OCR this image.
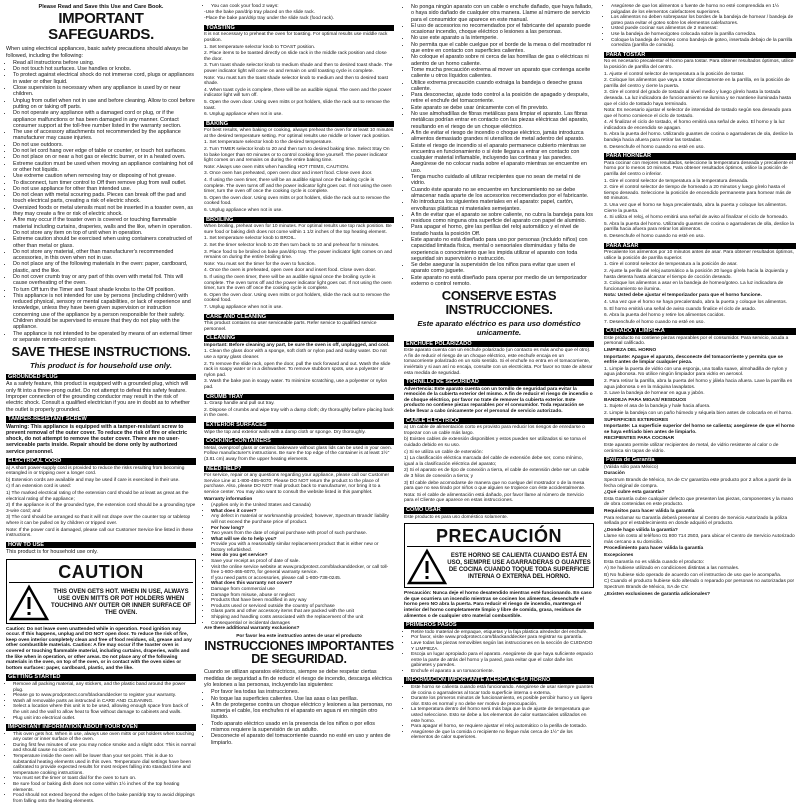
Please Read and Save this Use and Care Book.
IMPORTANT SAFEGUARDS.

When using electrical appliances, basic safety precautions should always be followed, including the following:

• Read all instructions before using.
• Do not touch hot surfaces. Use handles or knobs.
• To protect against electrical shock do not immerse cord, plugs or appliances in water or other liquid.
• Close supervision is necessary when any appliance is used by or near children.
• Unplug from outlet when not in use and before cleaning. Allow to cool before putting on or taking off parts.
• Do not operate any appliance with a damaged cord or plug, or if the appliance malfunctions or has been damaged in any manner. Contact consumer support at the toll-free number listed in the warranty section.
• The use of accessory attachments not recommended by the appliance manufacturer may cause injuries.
• Do not use outdoors.
• Do not let cord hang over edge of table or counter, or touch hot surfaces.
• Do not place on or near a hot gas or electric burner, or in a heated oven.
• Extreme caution must be used when moving an appliance containing hot oil or other hot liquids.
• Use extreme caution when removing tray or disposing of hot grease.
• To disconnect, turn timer control to Off then remove plug from wall outlet.
• Do not use appliance for other than intended use.
• Do not clean with metal scouring pads. Pieces can break off the pad and touch electrical parts, creating a risk of electric shock.
• Oversized foods or metal utensils must not be inserted in a toaster oven, as they may create a fire or risk of electric shock.
• A fire may occur if the toaster oven is covered or touching flammable material including curtains, draperies, walls and the like, when in operation. Do not store any item on top of unit when in operation.
• Extreme caution should be exercised when using containers constructed of other than metal or glass.
• Do not store any material, other than manufacturer's recommended accessories, in this oven when not in use.
• Do not place any of the following materials in the oven: paper, cardboard, plastic, and the like.
• Do not cover crumb tray or any part of this oven with metal foil. This will cause overheating of the oven.
• To turn Off turn the Timer and Toast shade knobs to the Off position.
• This appliance is not intended for use by persons (including children) with reduced physical, sensory or mental capabilities, or lack of experience and knowledge, unless they have been given supervision or instruction concerning use of the appliance by a person responsible for their safety. Children should be supervised to ensure that they do not play with the appliance.
• The appliance is not intended to be operated by means of an external timer or separate remote-control system.
SAVE THESE INSTRUCTIONS.
This product is for household use only.
GROUNDED PLUG

As a safety feature, this product is equipped with a grounded plug, which will only fit into a three-prong outlet. Do not attempt to defeat this safety feature. Improper connection of the grounding conductor may result in the risk of electric shock. Consult a qualified electrician if you are in doubt as to whether the outlet is properly grounded.

TAMPER-RESISTANT SCREW

Warning: This appliance is equipped with a tamper-resistant screw to prevent removal of the outer cover. To reduce the risk of fire or electric shock, do not attempt to remove the outer cover. There are no user-serviceable parts inside. Repair should be done only by authorized service personnel.

ELECTRICAL CORD

a) A short power-supply cord is provided to reduce the risks resulting from becoming entangled in or tripping over a longer cord.

b) Extension cords are available and may be used if care is exercised in their use.

c) If an extension cord is used:

1) The marked electrical rating of the extension cord should be at least as great as the electrical rating of the appliance;

2) If the appliance is of the grounded type, the extension cord should be a grounding type 3-wire cord; and

3) The cord should be arranged so that it will not drape over the counter top or tabletop where it can be pulled on by children or tripped over.

Note: If the power cord is damaged, please call our Customer Service line listed in these instructions.

HOW TO USE

This product is for household use only.

CAUTION
THIS OVEN GETS HOT. WHEN IN USE, ALWAYS USE OVEN MITTS OR POT HOLDERS WHEN TOUCHING ANY OUTER OR INNER SURFACE OF THE OVEN.

Caution: Do not leave oven unattended while in operation. Food ignition may occur. If this happens, unplug and DO NOT open door. To reduce the risk of fire, keep oven interior completely clean and free of food residues, oil, grease and any other combustible materials. Caution: A fire may occur if the toaster oven is covered or touching flammable material, including curtains, draperies, walls and the like when in operation, or other areas. Do not place any of the following materials in the oven, on top of the oven, or in contact with the oven sides or bottom surfaces: paper, cardboard, plastic, and the like.

GETTING STARTED
• Remove all packing material, any stickers, and the plastic band around the power plug.
• Please go to www.prodprotect.com/blackanddecker to register your warranty.
• Wash all removable parts as instructed in CARE AND CLEANING.
• Select a location where this unit is to be used, allowing enough space from back of the unit and the wall to allow heat to flow without damage to cabinets and walls.
• Plug unit into electrical outlet.
IMPORTANT INFORMATION ABOUT YOUR OVEN
• This oven gets hot. When in use, always use oven mitts or pot holders when touching any outer or inner surface of the oven.
• During first few minutes of use you may notice smoke and a slight odor. This is normal and should cause no concern.
• Temperature inside the oven will be lower than your set point. This is due to substantial heating elements used in this oven. Temperature dial settings have been calibrated to provide expected results for most recipes falling into standard time and temperature cooking instructions.
• You must set the timer or toast dial for the oven to turn on.
• Be sure food or baking dish does not come within 1½ inches of the top heating elements.
• Food should not extend beyond the edges of the bake pan/drip tray to avoid drippings from falling onto the heating elements.
• You can cook your food 2 ways:

-Use the bake pan/drip tray placed on the slide rack.

-Place the bake pan/drip tray under the slide rack (food rack).

TOASTING

It is not necessary to preheat the oven for toasting. For optimal results use middle rack position.

1. Set temperature selector knob to TOAST position.

2. Place items to be toasted directly on slide rack in the middle rack position and close the door.

3. Turn toast shade selector knob to medium shade and then to desired toast shade. The power indicator light will come on and remain on until toasting cycle is complete.

Note: You must turn the toast shade selector knob to medium and then to desired toast shade.

4. When toast cycle is complete, there will be an audible signal. The oven and the power indicator light will turn off.

5. Open the oven door. Using oven mitts or pot holders, slide the rack out to remove the toast.

6. Unplug appliance when not in use.

BAKING

For best results, when baking or cooking, always preheat the oven for at least 10 minutes at the desired temperature setting. For optimal results use middle or lower rack position.

1. Set temperature selector knob to the desired temperature.

2. Turn TIMER selector knob to 20 and then turn to desired baking time. Select Stay On to bake longer than 60 minutes or to control cooking time yourself. The power indicator light comes on and remains on during the entire baking time.

Note: Always use oven mitts when handling HOT ITEMS, CAUTION.

3. Once oven has preheated, open oven door and insert food. Close oven door.

4. If using the oven timer, there will be an audible signal once the baking cycle is complete. The oven turns off and the power indicator light goes out. If not using the oven timer, turn the oven off once the cooking cycle is complete.

5. Open the oven door. Using oven mitts or pot holders, slide the rack out to remove the cooked food.

6. Unplug appliance when not in use.

BROILING

When broiling, preheat oven for 10 minutes. For optimal results use top rack position. Be sure food or baking dish does not come within 1 1/2 inches of the top heating element.

1. Set temperature selector knob to BROIL.

2. Set the timer selector knob to 20 then turn back to 10 and preheat for 5 minutes.

3. Place food to be broiled on bake pan/drip tray. The power indicator light comes on and remains on during the entire broiling time.

Note: You must set the timer for the oven to function.

4. Once the oven is preheated, open oven door and insert food. Close oven door.

5. If using the oven timer, there will be an audible signal once the broiling cycle is complete. The oven turns off and the power indicator light goes out. If not using the oven timer, turn the oven off once the cooking cycle is complete.

6. Open the oven door. Using oven mitts or pot holders, slide the rack out to remove the cooked food.

7. Unplug appliance when not in use.

CARE AND CLEANING

This product contains no user serviceable parts. Refer service to qualified service personnel.

CLEANING

Important: Before cleaning any part, be sure the oven is off, unplugged, and cool.

1. Clean the glass door with a sponge, soft cloth or nylon pad and sudsy water. Do not use a spray glass cleaner.

2. To remove the slide rack, open the door, pull the rack forward and out. Wash the slide rack in soapy water or in a dishwasher. To remove stubborn spots, use a polyester or nylon pad.

3. Wash the bake pan in soapy water. To minimize scratching, use a polyester or nylon pad.

CRUMB TRAY

1. Grasp handle and pull out tray.

2. Dispose of crumbs and wipe tray with a damp cloth; dry thoroughly before placing back in the oven.

EXTERIOR SURFACES

Wipe the top and exterior walls with a damp cloth or sponge. Dry thoroughly.

COOKING CONTAINERS

Metal, ovenproof glass or ceramic bakeware without glass lids can be used in your oven. Follow manufacturer's instructions. Be sure the top edge of the container is at least 1½" (3.81 cm) away from the upper heating elements.

NEED HELP?

For service, repair or any questions regarding your appliance, please call our Customer Service Line at 1-800-465-6070. Please DO NOT return the product to the place of purchase. Also, please DO NOT mail product back to manufacturer, nor bring it to a service center. You may also want to consult the website listed in this pamphlet.

Warranty information

• (Applies only in the United States and Canada)
• What does it cover?
• Any defect in material or workmanship provided; however, Spectrum Brands' liability will not exceed the purchase price of product.
• For how long?
• Two years from the date of original purchase with proof of such purchase.
• What will we do to help you?
• Provide you with a reasonably similar replacement product that is either new or factory refurbished.
• How do you get service?
• Save your receipt as proof of date of sale.
• Visit the online service website at www.prodprotect.com/blackanddecker, or call toll-free 1-800-465-6070, for general warranty service.
• If you need parts or accessories, please call 1-800-738-0245.
• What does this warranty not cover?
• Damage from commercial use
• Damage from misuse, abuse or neglect
• Products that have been modified in any way
• Products used or serviced outside the country of purchase
• Glass parts and other accessory items that are packed with the unit
• Shipping and handling costs associated with the replacement of the unit
• Consequential or incidental damages

Are there additional warranty exclusions?

Por favor lea este instructivo antes de usar el producto

INSTRUCCIONES IMPORTANTES DE SEGURIDAD.

Cuando se utilizan aparatos eléctricos, siempre se debe respetar ciertas medidas de seguridad a fin de reducir el riesgo de incendio, descarga eléctrica y/o lesiones a las personas, incluyendo las siguientes:

• Por favor lea todas las instrucciones.
• No toque las superficies calientes. Use las asas o las perillas.
• A fin de protegerse contra un choque eléctrico y lesiones a las personas, no sumerja el cable, los enchufes ni el aparato en agua ni en ningún otro líquido.
• Todo aparato eléctrico usado en la presencia de los niños o por ellos mismos requiere la supervisión de un adulto.
• Desconecte el aparato del tomacorriente cuando no esté en uso y antes de limpiarlo.
• No ponga ningún aparato con un cable o enchufe dañado, que haya fallado, o haya sido dañado de cualquier otra manera. Llame al número de servicio para el consumidor que aparece en este manual.
• El uso de accesorios no recomendados por el fabricante del aparato puede ocasionar incendio, choque eléctrico o lesiones a las personas.
• No use este aparato a la intemperie.
• No permita que el cable cuelgue por el borde de la mesa o del mostrador ni que entre en contacto con superficies calientes.
• No coloque el aparato sobre ni cerca de las hornillas de gas o eléctricas ni adentro de un horno caliente.
• Tome mucha precaución extrema al mover un aparato que contenga aceite caliente u otros líquidos calientes.
• Utilice extrema precaución cuando extraiga la bandeja o deseche grasa caliente.
• Para desconectar, ajuste todo control a la posición de apagado y después, retire el enchufe del tomacorriente.
• Este aparato se debe usar únicamente con el fin previsto.
• No use almohadillas de fibras metálicas para limpiar el aparato. Las fibras metálicas podrían entrar en contacto con las piezas eléctricas del aparato, resultando en el riesgo de un choque eléctrico.
• A fin de evitar el riesgo de incendio o choque eléctrico, jamás introduzca alimentos demasiado grandes ni utensilios de metal adentro del aparato.
• Existe el riesgo de incendio si el aparato permanece cubierto mientras se encuentra en funcionamiento o si éste llegara a entrar en contacto con cualquier material inflamable, incluyendo las cortinas y las paredes. Asegúrese de no colocar nada sobre el aparato mientras se encuentre en uso.
• Tenga mucho cuidado al utilizar recipientes que no sean de metal ni de vidrio.
• Cuando éste aparato no se encuentre en funcionamiento no se debe almacenar nada aparte de los accesorios recomendados por el fabricante.
• No introduzca los siguientes materiales en el aparato: papel, cartón, envolturas plásticas ni materiales semejantes.
• A fin de evitar que el aparato se sobre caliente, no cubra la bandeja para los residuos como ninguna otra superficie del aparato con papel de aluminio.
• Para apagar el horno, gire las perillas del reloj automático y el nivel de tostado hasta la posición Off.
• Este aparato no está diseñado para uso por personas (incluido niños) con capacidad limitada física, mental o sensoriales disminuidas y falta de experiencia o conocimiento que les impida utilizar el aparato con toda seguridad sin supervisión o instrucción.
• Se debe asegurar la supervisión de los niños para evitar que usen el aparato como juguete.
• Este aparato no está diseñado para operar por medio de un temporizador externo o control remoto.
CONSERVE ESTAS INSTRUCCIONES.
Este aparato eléctrico es para uso doméstico unicamente.
ENCHUFE POLARIZADO

Este aparato cuenta con un enchufe polarizado (un contacto es más ancho que el otro). A fin de reducir el riesgo de un choque eléctrico, este enchufe encaja en un tomacorriente polarizado en un solo sentido. Si el enchufe no entra en el tomacorriente, inviértalo y si aun así no encaja, consulte con un electricista. Por favor no trate de alterar esta medida de seguridad.

TORNILLO DE SEGURIDAD

Advertencia: Este aparato cuenta con un tornillo de seguridad para evitar la remoción de la cubierta exterior del mismo. A fin de reducir el riesgo de incendio o de choque eléctrico, por favor no trate de remover la cubierta exterior. Este producto no contiene piezas reparables por el consumidor. Toda reparación se debe llevar a cabo únicamente por el personal de servicio autorizado.

CABLE ELÉCTRICO

a) Un cable de alimentación corto es provisto para reducir los riesgos de enredarse o tropezar con un cable más largo.

b) Existen cables de extensión disponibles y estos pueden ser utilizados si se toma el cuidado debido en su uso.

c) Si se utiliza un cable de extensión:

1) La clasificación eléctrica marcada del cable de extensión debe ser, como mínimo, igual a la clasificación eléctrica del aparato;

2) Si el aparato es de tipo de conexión a tierra, el cable de extensión debe ser un cable de 3 hilos de conexión a tierra; y

3) El cable debe acomodarse de manera que no cuelgue del mostrador o de la mesa para que no sea tirado por niños o que alguien se tropiece con éste accidentalmente.

Nota: Si el cable de alimentación está dañado, por favor llame al número de Servicio para el Cliente que aparece en estas instrucciones.

COMO USAR

Este producto es para uso doméstico solamente.

PRECAUCIÓN
ESTE HORNO SE CALIENTA CUANDO ESTÁ EN USO, SIEMPRE USE AGARRADERAS O GUANTES DE COCINA CUANDO TOQUE TODA SUPERFICIE INTERNA O EXTERNA DEL HORNO.

Precaución: Nunca deje el horno desatendido mientras esté funcionando. En caso de que ocurriera un incendio mientras se cocinen los alimentos, desenchufe el horno pero NO abra la puerta. Para reducir el riesgo de incendio, mantenga el interior del horno completamente limpio y libre de comida, grasa, residuos de alimentos o de cualquier otro material combustible.

PRIMEROS PASOS
• Retire todo material de empaque, etiquetas y la faja plástica alrededor del enchufe.
• Por favor, visite www.prodprotect.com/blackanddecker para registrar su garantía.
• Lave todas las piezas removibles según las instrucciones en la sección de CUIDADO Y LIMPIEZA.
• Escoja un lugar apropiado para el aparato. Asegúrese de que haya suficiente espacio entre la parte de atrás del horno y la pared, para evitar que el calor dañe los gabinetes y paredes.
• Enchufe el aparato a un tomacorriente.
INFORMACIÓN IMPORTANTE ACERCA DE SU HORNO
• Este horno se calienta cuando está funcionando. Asegúrese de usar siempre guantes de cocina o agarraderas al tocar todo superficie interna o externa.
• Durante los primeros minutos de funcionamiento, es posible percibir humo y un ligero olor. Esto es normal y no debe ser motivo de preocupación.
• La temperatura dentro del horno será más baja que la de ajuste de temperatura que usted seleccione. Esto se debe a los elementos de calor sustanciales utilizados en este horno.
• Para apagar el horno, se requiere ajustar el reloj automático o la perilla de tostado.
• Asegúrese de que la comida o recipiente no llegue más cerca de 1½" de los elementos de calor superiores.
• Asegúrese de que los alimentos o fuente de horno no esté comprendida en 1½ pulgadas de los elementos calefactores superiores.
• Los alimentos no deben sobrepasar los bordes de la bandeja de hornear / bandeja de goteo para evitar el goteo sobre los elementos calefactores.
• Usted puede cocinar sus alimentos de 2 maneras:
• Use la bandeja de horneo/goteo colocada sobre la parrilla corrediza.
• Coloque la bandeja de horneo como bandeja de goteo, insertada debajo de la parrilla corrediza (parrilla de comida).
PARA TOSTAR

No es necesario precalentar el horno para tostar. Para obtener resultados óptimos, utilice la posición de parrilla del centro.

1. Ajuste el control selector de temperatura a la posición de tostar.

2. Coloque los alimentos que vaya a tostar directamente en la parrilla, en la posición de parrilla del centro y cierre la puerta.

3. Gire el control del grado de tostado al nivel medio y luego gírelo hasta la tostada deseada. La luz indicadora de funcionamiento se ilumina y se mantiene iluminada hasta que el ciclo de tostado haya terminado.

Nota: Es necesario ajustar el selector de intensidad de tostado según sea deseado para que el horno comience el ciclo de tostado.

4. Al finalizar el ciclo de tostado, el horno emitirá una señal de aviso. El horno y la luz indicadora de encendido se apagan.

5. Abra la puerta del horno. Utilizando guantes de cocina o agarraderas de ola, deslice la bandeja hacia afuera para retirar las tostadas.

6. Desenchufe el horno cuando no esté en uso.

PARA HORNEAR

Para cocinar con mejores resultados, seleccione la temperatura deseada y precaliente el horno por lo menos 10 minutos. Para obtener resultados óptimos, utilice la posición de parrilla del centro o inferior.

1. Gire el control selector de temperatura a la temperatura deseada.

2. Gire el control selector de tiempo de horneado a 20 minutos y luego gírelo hasta el tiempo deseado. Seleccione la posición de encendido permanente para hornear más de 60 minutos.

3. Una vez que el horno se haya precalentado, abra la puerta y coloque los alimentos. Cierre la puerta.

4. Si utiliza el reloj, el horno emitirá una señal de aviso al finalizar el ciclo de horneado.

5. Abra la puerta del horno. Utilizando guantes de cocina o agarraderas de olla, deslice la parrilla hacia afuera para retirar los alimentos.

6. Desenchufe el horno cuando no esté en uso.

PARA ASAR

Precaliente los alimentos por 10 minutos antes de asar. Para obtener resultados óptimos, utilice la posición de parrilla superior.

1. Gire el control selector de temperatura a la posición de asar.

2. Ajuste la perilla del reloj automático a la posición 20 luego gírela hacia la izquierda y hasta detenta hasta alcanzar el tiempo de cocción deseado.

3. Coloque los alimentos a asar en la bandeja de horneo/goteo. La luz indicadora de funcionamiento se ilumina.

Nota: Usted debe ajustar el temporizador para que el horno funcione.

4. Una vez que el horno se haya precalentado, abra la puerta y coloque los alimentos.

5. El horno emitirá una señal de aviso cuando finalice el ciclo de asado.

6. Abra la puerta del horno y retire los alimentos cocidos.

7. Desenchufe el horno cuando no esté en uso.

CUIDADO Y LIMPIEZA

Este producto no contiene piezas reparables por el consumidor. Para servicio, acuda a personal calificado.

LIMPIEZA DEL HORNO

Importante: Apague el aparato, desconecte del tomacorriente y permita que se enfríe antes de limpiar cualquier pieza.

1. Limpie la puerta de vidrio con una esponja, una toalla suave, almohadilla de nylon y agua jabonosa. No utilice ningún limpiador para vidrio en aerosol.

2. Para retirar la parrilla, abra la puerta del horno y jálela hacia afuera. Lave la parrilla en agua jabonosa o en la máquina lavaplatos.

3. Lave la bandeja de hornear en agua y jabón.

BANDEJA PARA MIGAS/ RESIDUOS

1. Sujete el asa de la bandeja y hale hacia afuera.

2. Limpie la bandeja con un paño húmedo y séquela bien antes de colocarla en el horno.

SUPERFICIES EXTERIORES

Importante: La superficie superior del horno se calienta; asegúrese de que el horno se haya enfriado bien antes de limpiarlo.

RECIPIENTES PARA COCINAR

Este aparato permite utilizar recipientes de metal, de vidrio resistente al calor o de cerámica sin tapas de vidrio.

Póliza de Garantía

(Válida sólo para México)

Duración

Spectrum Brands de México, SA de CV garantiza este producto por 2 años a partir de la fecha original de compra.

¿Qué cubre esta garantía?

Esta Garantía cubre cualquier defecto que presenten las piezas, componentes y la mano de obra contenidas en este producto.

Requisitos para hacer válida la garantía

Para reclamar su Garantía deberá presentar al Centro de Servicio Autorizado la póliza sellada por el establecimiento en donde adquirió el producto.

¿Donde hago válida la garantía?

Llame sin costo al teléfono 01 800 714 2503, para ubicar el Centro de Servicio Autorizado más cercano a su domicilio.

Procedimiento para hacer válida la garantía

Excepciones

Esta Garantía no es válida cuando el producto:

A) Se hubiese utilizado en condiciones distintas a las normales.

B) No hubiese sido operado de acuerdo con el instructivo de uso que le acompaña.

C) Cuando el producto hubiese sido alterado o reparado por personas no autorizadas por Spectrum Brands de México, SA de CV.

¿Existen exclusiones de garantía adicionales?
